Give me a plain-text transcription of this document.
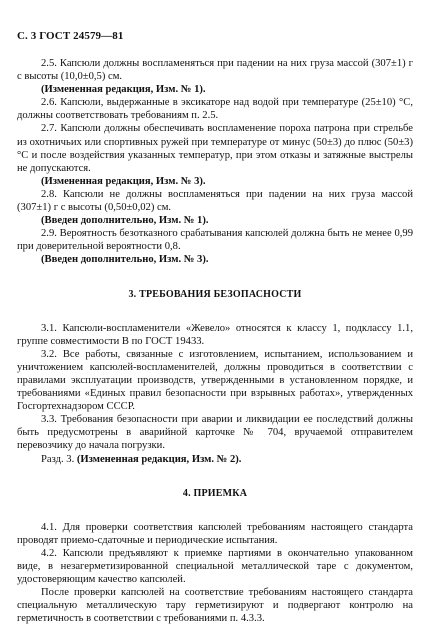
С. 3 ГОСТ 24579—81

2.5. Капсюли должны воспламеняться при падении на них груза массой (307±1) г с высоты (10,0±0,5) см.

(Измененная редакция, Изм. № 1).

2.6. Капсюли, выдержанные в эксикаторе над водой при температуре (25±10) °С, должны соответствовать требованиям п. 2.5.

2.7. Капсюли должны обеспечивать воспламенение пороха патрона при стрельбе из охотничьих или спортивных ружей при температуре от минус (50±3) до плюс (50±3) °С и после воздействия указанных температур, при этом отказы и затяжные выстрелы не допускаются.

(Измененная редакция, Изм. № 3).

2.8. Капсюли не должны воспламеняться при падении на них груза массой (307±1) г с высоты (0,50±0,02) см.

(Введен дополнительно, Изм. № 1).

2.9. Вероятность безотказного срабатывания капсюлей должна быть не менее 0,99 при доверительной вероятности 0,8.

(Введен дополнительно, Изм. № 3).

3. ТРЕБОВАНИЯ БЕЗОПАСНОСТИ

3.1. Капсюли-воспламенители «Жевело» относятся к классу 1, подклассу 1.1, группе совместимости В по ГОСТ 19433.

3.2. Все работы, связанные с изготовлением, испытанием, использованием и уничтожением капсюлей-воспламенителей, должны проводиться в соответствии с правилами эксплуатации производств, утвержденными в установленном порядке, и требованиями «Единых правил безопасности при взрывных работах», утвержденных Госгортехнадзором СССР.

3.3. Требования безопасности при аварии и ликвидации ее последствий должны быть предусмотрены в аварийной карточке № 704, вручаемой отправителем перевозчику до начала погрузки.

Разд. 3. (Измененная редакция, Изм. № 2).

4. ПРИЕМКА

4.1. Для проверки соответствия капсюлей требованиям настоящего стандарта проводят приемо-сдаточные и периодические испытания.

4.2. Капсюли предъявляют к приемке партиями в окончательно упакованном виде, в незагерметизированной специальной металлической таре с документом, удостоверяющим качество капсюлей.

После проверки капсюлей на соответствие требованиям настоящего стандарта специальную металлическую тару герметизируют и подвергают контролю на герметичность в соответствии с требованиями п. 4.3.3.
